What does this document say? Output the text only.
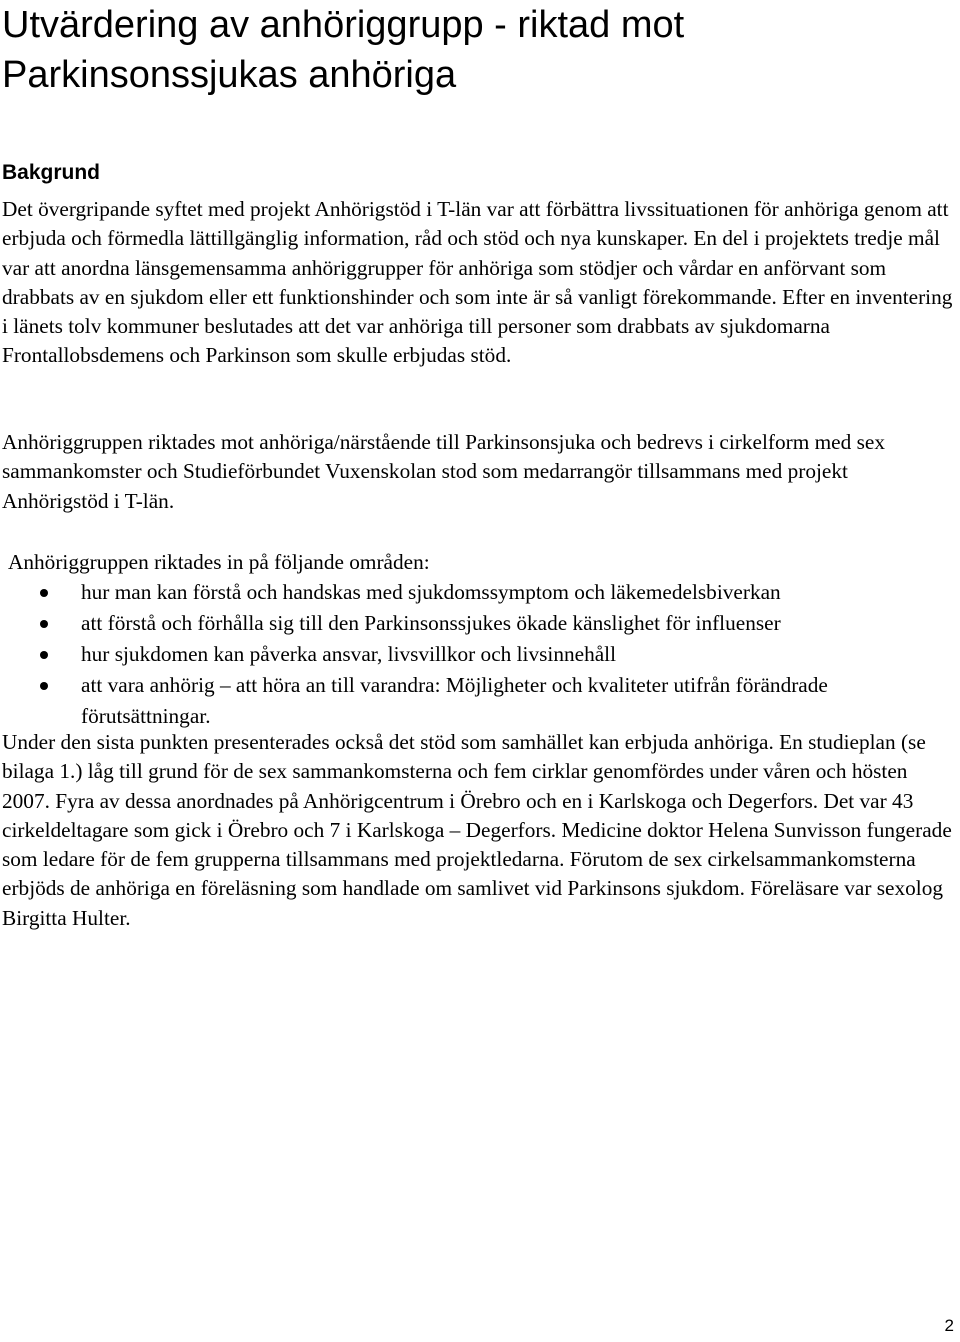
Utvärdering av anhöriggrupp - riktad mot Parkinsonssjukas anhöriga
Bakgrund

Det övergripande syftet med projekt Anhörigstöd i T-län var att förbättra livssituationen för anhöriga genom att erbjuda och förmedla lättillgänglig information, råd och stöd och nya kunskaper. En del i projektets tredje mål var att anordna länsgemensamma anhöriggrupper för anhöriga som stödjer och vårdar en anförvant som drabbats av en sjukdom eller ett funktionshinder och som inte är så vanligt förekommande. Efter en inventering i länets tolv kommuner beslutades att det var anhöriga till personer som drabbats av sjukdomarna Frontallobsdemens och Parkinson som skulle erbjudas stöd.

Anhöriggruppen riktades mot anhöriga/närstående till Parkinsonsjuka och bedrevs i cirkelform med sex sammankomster och Studieförbundet Vuxenskolan stod som medarrangör tillsammans med projekt Anhörigstöd i T-län.

Anhöriggruppen riktades in på följande områden:

hur man kan förstå och handskas med sjukdomssymptom och läkemedelsbiverkan
att förstå och förhålla sig till den Parkinsonssjukes ökade känslighet för influenser
hur sjukdomen kan påverka ansvar, livsvillkor och livsinnehåll
att vara anhörig – att höra an till varandra: Möjligheter och kvaliteter utifrån förändrade förutsättningar.

Under den sista punkten presenterades också det stöd som samhället kan erbjuda anhöriga. En studieplan (se bilaga 1.) låg till grund för de sex sammankomsterna och fem cirklar genomfördes under våren och hösten 2007. Fyra av dessa anordnades på Anhörigcentrum i Örebro och en i Karlskoga och Degerfors. Det var 43 cirkeldeltagare som gick i Örebro och 7 i Karlskoga – Degerfors. Medicine doktor Helena Sunvisson fungerade som ledare för de fem grupperna tillsammans med projektledarna. Förutom de sex cirkelsammankomsterna erbjöds de anhöriga en föreläsning som handlade om samlivet vid Parkinsons sjukdom. Föreläsare var sexolog Birgitta Hulter.

2
